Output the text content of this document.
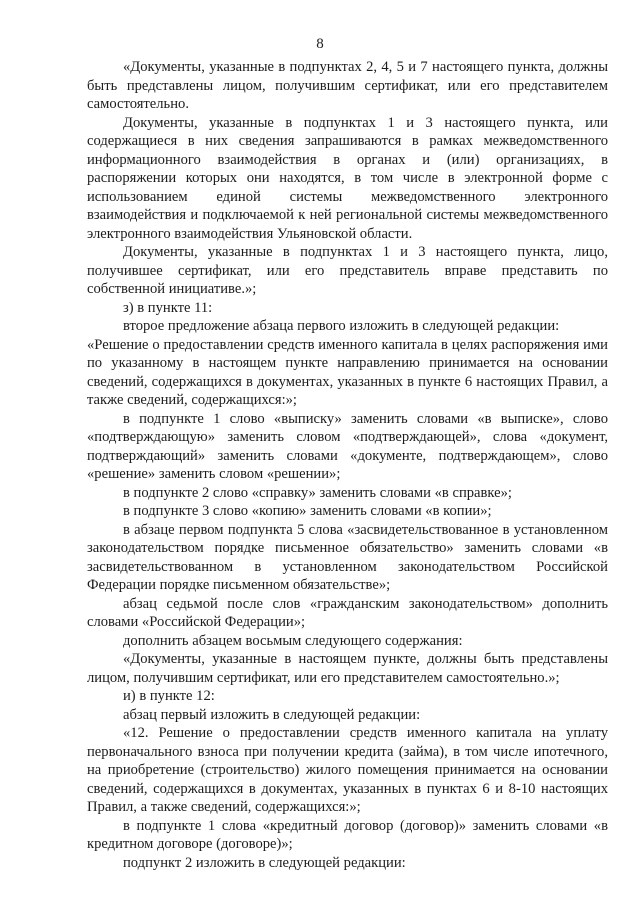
8

«Документы, указанные в подпунктах 2, 4, 5 и 7 настоящего пункта, должны быть представлены лицом, получившим сертификат, или его представителем самостоятельно.

Документы, указанные в подпунктах 1 и 3 настоящего пункта, или содержащиеся в них сведения запрашиваются в рамках межведомственного информационного взаимодействия в органах и (или) организациях, в распоряжении которых они находятся, в том числе в электронной форме с использованием единой системы межведомственного электронного взаимодействия и подключаемой к ней региональной системы межведомственного электронного взаимодействия Ульяновской области.

Документы, указанные в подпунктах 1 и 3 настоящего пункта, лицо, получившее сертификат, или его представитель вправе представить по собственной инициативе.»;

з) в пункте 11:

второе предложение абзаца первого изложить в следующей редакции:

«Решение о предоставлении средств именного капитала в целях распоряжения ими по указанному в настоящем пункте направлению принимается на основании сведений, содержащихся в документах, указанных в пункте 6 настоящих Правил, а также сведений, содержащихся:»;

в подпункте 1 слово «выписку» заменить словами «в выписке», слово «подтверждающую» заменить словом «подтверждающей», слова «документ, подтверждающий» заменить словами «документе, подтверждающем», слово «решение» заменить словом «решении»;

в подпункте 2 слово «справку» заменить словами «в справке»;

в подпункте 3 слово «копию» заменить словами «в копии»;

в абзаце первом подпункта 5 слова «засвидетельствованное в установленном законодательством порядке письменное обязательство» заменить словами «в засвидетельствованном в установленном законодательством Российской Федерации порядке письменном обязательстве»;

абзац седьмой после слов «гражданским законодательством» дополнить словами «Российской Федерации»;

дополнить абзацем восьмым следующего содержания:

«Документы, указанные в настоящем пункте, должны быть представлены лицом, получившим сертификат, или его представителем самостоятельно.»;

и) в пункте 12:

абзац первый изложить в следующей редакции:

«12. Решение о предоставлении средств именного капитала на уплату первоначального взноса при получении кредита (займа), в том числе ипотечного, на приобретение (строительство) жилого помещения принимается на основании сведений, содержащихся в документах, указанных в пунктах 6 и 8-10 настоящих Правил, а также сведений, содержащихся:»;

в подпункте 1 слова «кредитный договор (договор)» заменить словами «в кредитном договоре (договоре)»;

подпункт 2 изложить в следующей редакции:
